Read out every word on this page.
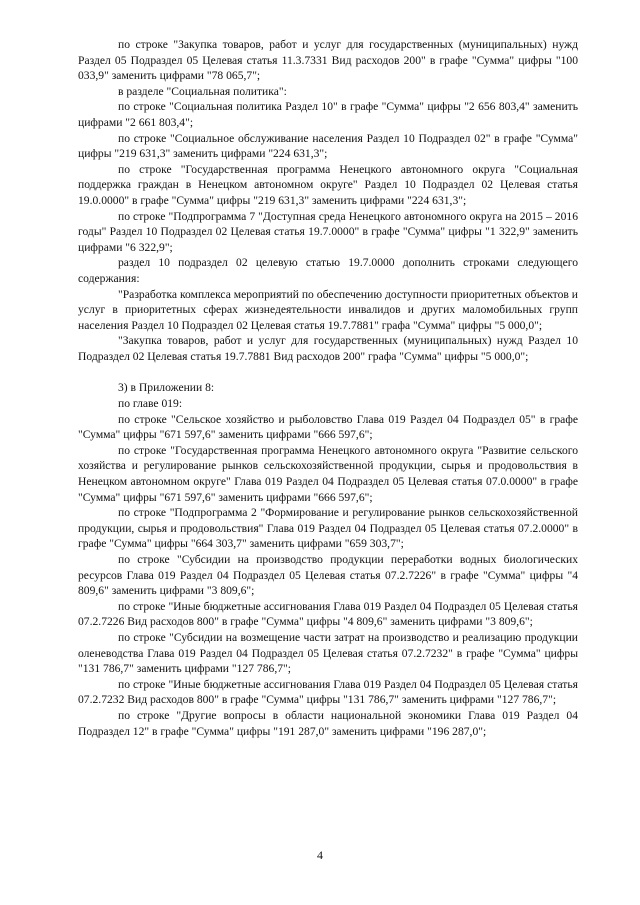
по строке "Закупка товаров, работ и услуг для государственных (муниципальных) нужд Раздел 05 Подраздел 05 Целевая статья 11.3.7331 Вид расходов 200" в графе "Сумма" цифры "100 033,9" заменить цифрами "78 065,7";

в разделе "Социальная политика":

по строке "Социальная политика Раздел 10" в графе "Сумма" цифры "2 656 803,4" заменить цифрами "2 661 803,4";

по строке "Социальное обслуживание населения Раздел 10 Подраздел 02" в графе "Сумма" цифры "219 631,3" заменить цифрами "224 631,3";

по строке "Государственная программа Ненецкого автономного округа "Социальная поддержка граждан в Ненецком автономном округе" Раздел 10 Подраздел 02 Целевая статья 19.0.0000" в графе "Сумма" цифры "219 631,3" заменить цифрами "224 631,3";

по строке "Подпрограмма 7 "Доступная среда Ненецкого автономного округа на 2015 – 2016 годы" Раздел 10 Подраздел 02 Целевая статья 19.7.0000" в графе "Сумма" цифры "1 322,9" заменить цифрами "6 322,9";

раздел 10 подраздел 02 целевую статью 19.7.0000 дополнить строками следующего содержания:

"Разработка комплекса мероприятий по обеспечению доступности приоритетных объектов и услуг в приоритетных сферах жизнедеятельности инвалидов и других маломобильных групп населения Раздел 10 Подраздел 02 Целевая статья 19.7.7881" графа "Сумма" цифры "5 000,0";

"Закупка товаров, работ и услуг для государственных (муниципальных) нужд Раздел 10 Подраздел 02 Целевая статья 19.7.7881 Вид расходов 200" графа "Сумма" цифры "5 000,0";

3) в Приложении 8:

по главе 019:

по строке "Сельское хозяйство и рыболовство Глава 019 Раздел 04 Подраздел 05" в графе "Сумма" цифры "671 597,6" заменить цифрами "666 597,6";

по строке "Государственная программа Ненецкого автономного округа "Развитие сельского хозяйства и регулирование рынков сельскохозяйственной продукции, сырья и продовольствия в Ненецком автономном округе" Глава 019 Раздел 04 Подраздел 05 Целевая статья 07.0.0000" в графе "Сумма" цифры "671 597,6" заменить цифрами "666 597,6";

по строке "Подпрограмма 2 "Формирование и регулирование рынков сельскохозяйственной продукции, сырья и продовольствия" Глава 019 Раздел 04 Подраздел 05 Целевая статья 07.2.0000" в графе "Сумма" цифры "664 303,7" заменить цифрами "659 303,7";

по строке "Субсидии на производство продукции переработки водных биологических ресурсов Глава 019 Раздел 04 Подраздел 05 Целевая статья 07.2.7226" в графе "Сумма" цифры "4 809,6" заменить цифрами "3 809,6";

по строке "Иные бюджетные ассигнования Глава 019 Раздел 04 Подраздел 05 Целевая статья 07.2.7226 Вид расходов 800" в графе "Сумма" цифры "4 809,6" заменить цифрами "3 809,6";

по строке "Субсидии на возмещение части затрат на производство и реализацию продукции оленеводства Глава 019 Раздел 04 Подраздел 05 Целевая статья 07.2.7232" в графе "Сумма" цифры "131 786,7" заменить цифрами "127 786,7";

по строке "Иные бюджетные ассигнования Глава 019 Раздел 04 Подраздел 05 Целевая статья 07.2.7232 Вид расходов 800" в графе "Сумма" цифры "131 786,7" заменить цифрами "127 786,7";

по строке "Другие вопросы в области национальной экономики Глава 019 Раздел 04 Подраздел 12" в графе "Сумма" цифры "191 287,0" заменить цифрами "196 287,0";

4
